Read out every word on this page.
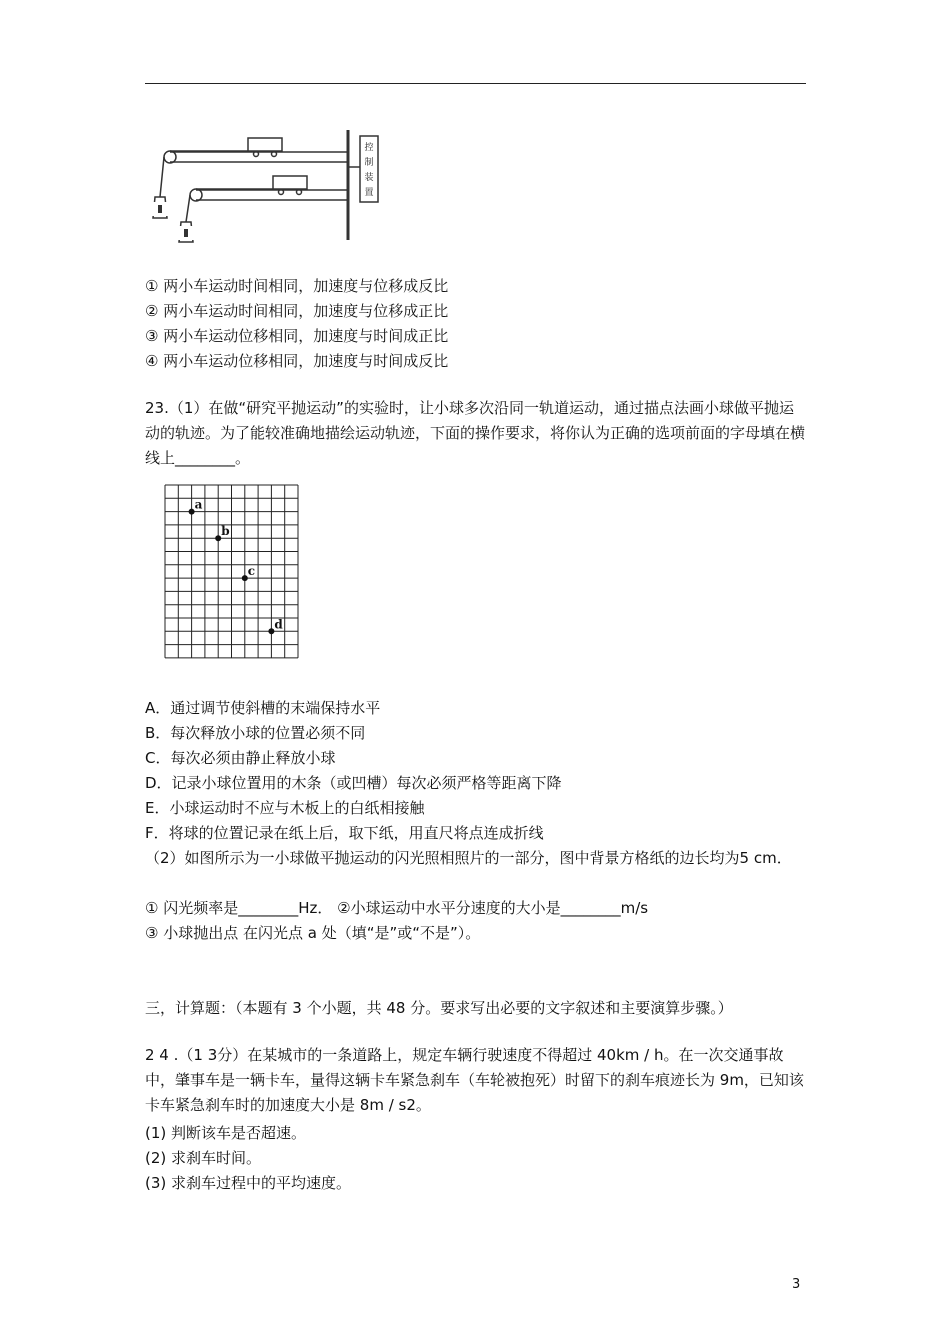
控
制
装
置
① 两小车运动时间相同，加速度与位移成反比
② 两小车运动时间相同，加速度与位移成正比
③ 两小车运动位移相同，加速度与时间成正比
④ 两小车运动位移相同，加速度与时间成反比
23.（1）在做“研究平抛运动”的实验时，让小球多次沿同一轨道运动，通过描点法画小球做平抛运动的轨迹。为了能较准确地描绘运动轨迹，下面的操作要求，将你认为正确的选项前面的字母填在横线上________。
a
b
c
d
A．通过调节使斜槽的末端保持水平
B．每次释放小球的位置必须不同
C．每次必须由静止释放小球
D．记录小球位置用的木条（或凹槽）每次必须严格等距离下降
E．小球运动时不应与木板上的白纸相接触
F．将球的位置记录在纸上后，取下纸，用直尺将点连成折线
（2）如图所示为一小球做平抛运动的闪光照相照片的一部分，图中背景方格纸的边长均为5 cm．
① 闪光频率是________Hz． ②小球运动中水平分速度的大小是________m/s
③ 小球抛出点 在闪光点 a 处（填“是”或“不是”）。
三，计算题：（本题有 3 个小题，共 48 分。要求写出必要的文字叙述和主要演算步骤。）
2 4 .（1 3分）在某城市的一条道路上，规定车辆行驶速度不得超过 40km / h。在一次交通事故中，肇事车是一辆卡车，量得这辆卡车紧急刹车（车轮被抱死）时留下的刹车痕迹长为 9m，已知该卡车紧急刹车时的加速度大小是 8m / s2。
(1) 判断该车是否超速。
(2) 求刹车时间。
(3) 求刹车过程中的平均速度。
3
